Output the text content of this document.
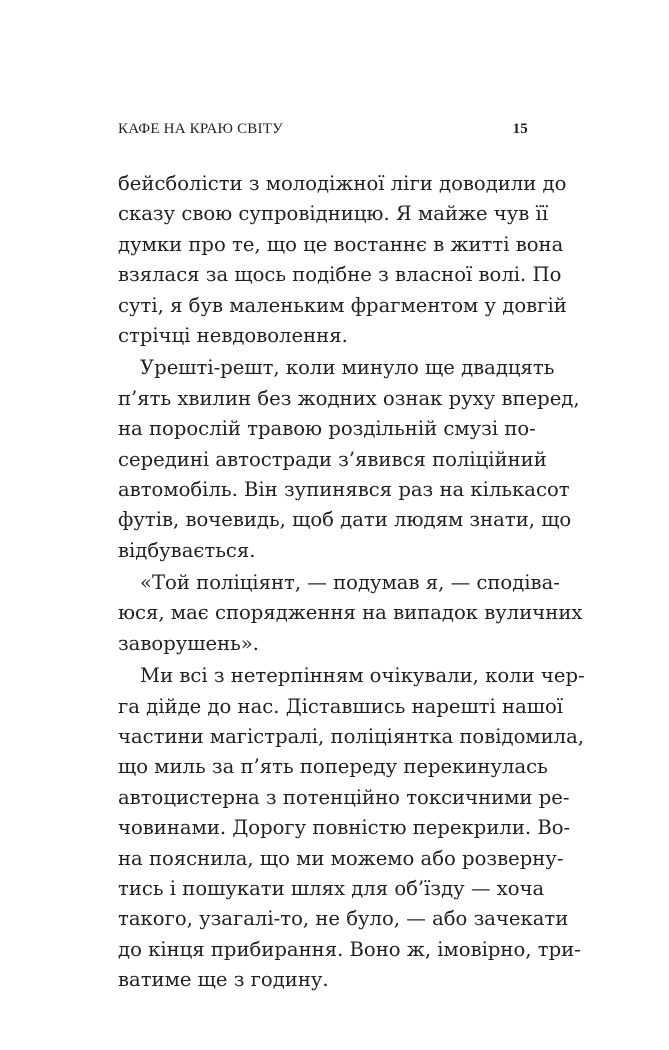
КАФЕ НА КРАЮ СВІТУ	15
бейсболісти з молодіжної ліги доводили до
сказу свою супровідницю. Я майже чув її
думки про те, що це востаннє в житті вона
взялася за щось подібне з власної волі. По
суті, я був маленьким фрагментом у довгій
стрічці невдоволення.
Урешті-решт, коли минуло ще двадцять
п’ять хвилин без жодних ознак руху вперед,
на порослій травою роздільній смузі по-
середині автостради з’явився поліційний
автомобіль. Він зупинявся раз на кількасот
футів, вочевидь, щоб дати людям знати, що
відбувається.
«Той поліціянт, — подумав я, — сподіва-
юся, має спорядження на випадок вуличних
заворушень».
Ми всі з нетерпінням очікували, коли чер-
га дійде до нас. Діставшись нарешті нашої
частини магістралі, поліціянтка повідомила,
що миль за п’ять попереду перекинулась
автоцистерна з потенційно токсичними ре-
човинами. Дорогу повністю перекрили. Во-
на пояснила, що ми можемо або розверну-
тись і пошукати шлях для об’їзду — хоча
такого, узагалі-то, не було, — або зачекати
до кінця прибирання. Воно ж, імовірно, три-
ватиме ще з годину.
